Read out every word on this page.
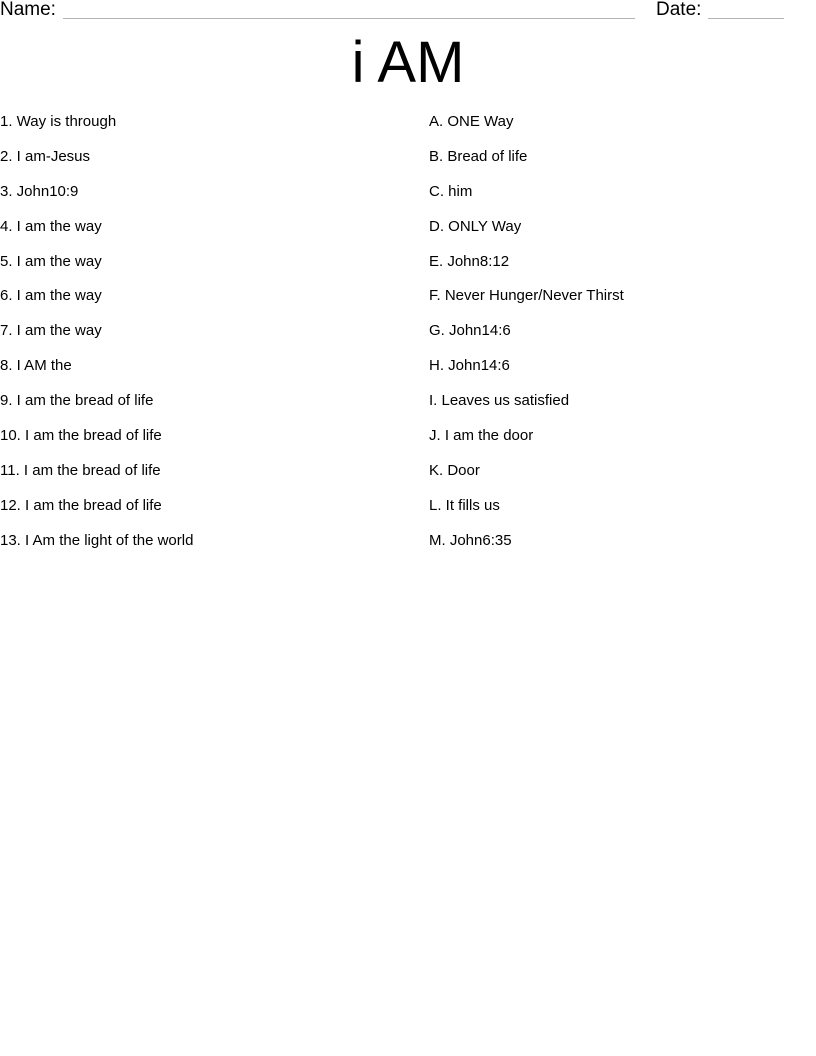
Name:	Date:
i AM
1. Way is through
2. I am-Jesus
3. John10:9
4. I am the way
5. I am the way
6. I am the way
7. I am the way
8. I AM the
9. I am the bread of life
10. I am the bread of life
11. I am the bread of life
12. I am the bread of life
13. I Am the light of the world
A. ONE Way
B. Bread of life
C. him
D. ONLY Way
E. John8:12
F. Never Hunger/Never Thirst
G. John14:6
H. John14:6
I. Leaves us satisfied
J. I am the door
K. Door
L. It fills us
M. John6:35
